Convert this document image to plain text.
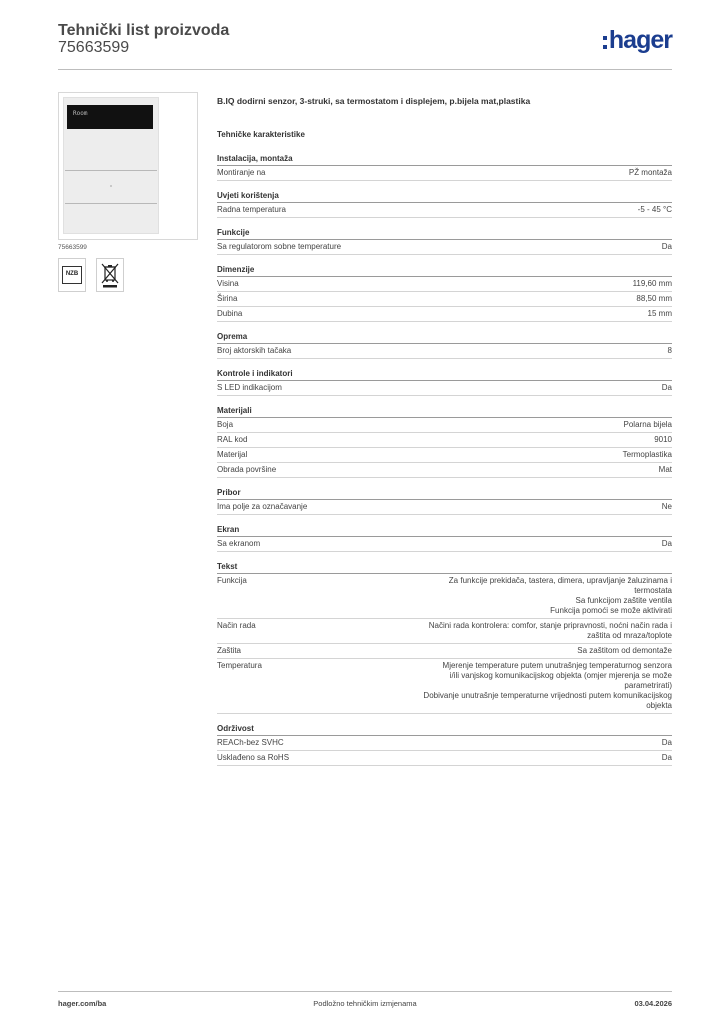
Tehnički list proizvoda
75663599	hager
Room
75663599
NZB
B.IQ dodirni senzor, 3-struki, sa termostatom i displejem, p.bijela mat,plastika
Tehničke karakteristike
Instalacija, montaža
Montiranje na	PŽ montaža
Uvjeti korištenja
Radna temperatura	-5 - 45 °C
Funkcije
Sa regulatorom sobne temperature	Da
Dimenzije
Visina	119,60 mm
Širina	88,50 mm
Dubina	15 mm
Oprema
Broj aktorskih tačaka	8
Kontrole i indikatori
S LED indikacijom	Da
Materijali
Boja	Polarna bijela
RAL kod	9010
Materijal	Termoplastika
Obrada površine	Mat
Pribor
Ima polje za označavanje	Ne
Ekran
Sa ekranom	Da
Tekst
Funkcija	Za funkcije prekidača, tastera, dimera, upravljanje žaluzinama i
termostata
Sa funkcijom zaštite ventila
Funkcija pomoći se može aktivirati
Način rada	Načini rada kontrolera: comfor, stanje pripravnosti, noćni način rada i
zaštita od mraza/toplote
Zaštita	Sa zaštitom od demontaže
Temperatura	Mjerenje temperature putem unutrašnjeg temperaturnog senzora
i/ili vanjskog komunikacijskog objekta (omjer mjerenja se može
parametrirati)
Dobivanje unutrašnje temperaturne vrijednosti putem komunikacijskog
objekta
Održivost
REACh-bez SVHC	Da
Usklađeno sa RoHS	Da
hager.com/ba	Podložno tehničkim izmjenama	03.04.2026
